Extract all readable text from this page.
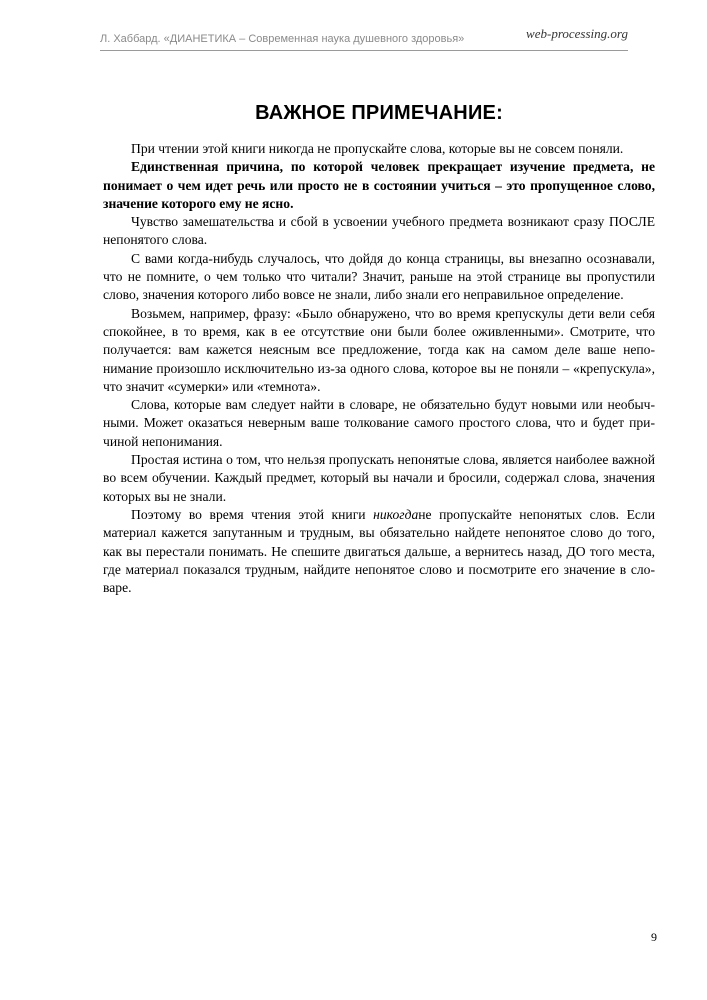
Л. Хаббард. «ДИАНЕТИКА – Современная наука душевного здоровья»	web-processing.org
ВАЖНОЕ ПРИМЕЧАНИЕ:

При чтении этой книги никогда не пропускайте слова, которые вы не совсем поняли.

Единственная причина, по которой человек прекращает изучение предмета, не понимает о чем идет речь или просто не в состоянии учиться – это пропущенное слово, значение которого ему не ясно.

Чувство замешательства и сбой в усвоении учебного предмета возникают сразу ПОСЛЕ непонятого слова.

С вами когда-нибудь случалось, что дойдя до конца страницы, вы внезапно осознавали, что не помните, о чем только что читали? Значит, раньше на этой странице вы пропустили слово, значения которого либо вовсе не знали, либо знали его неправильное определение.

Возьмем, например, фразу: «Было обнаружено, что во время крепускулы дети вели себя спокойнее, в то время, как в ее отсутствие они были более оживленными». Смотрите, что получается: вам кажется неясным все предложение, тогда как на самом деле ваше непонимание произошло исключительно из-за одного слова, которое вы не поняли – «крепускула», что значит «сумерки» или «темнота».

Слова, которые вам следует найти в словаре, не обязательно будут новыми или необычными. Может оказаться неверным ваше толкование самого простого слова, что и будет причиной непонимания.

Простая истина о том, что нельзя пропускать непонятые слова, является наиболее важной во всем обучении. Каждый предмет, который вы начали и бросили, содержал слова, значения которых вы не знали.

Поэтому во время чтения этой книги никогдане пропускайте непонятых слов. Если материал кажется запутанным и трудным, вы обязательно найдете непонятое слово до того, как вы перестали понимать. Не спешите двигаться дальше, а вернитесь назад, ДО того места, где материал показался трудным, найдите непонятое слово и посмотрите его значение в словаре.

9
